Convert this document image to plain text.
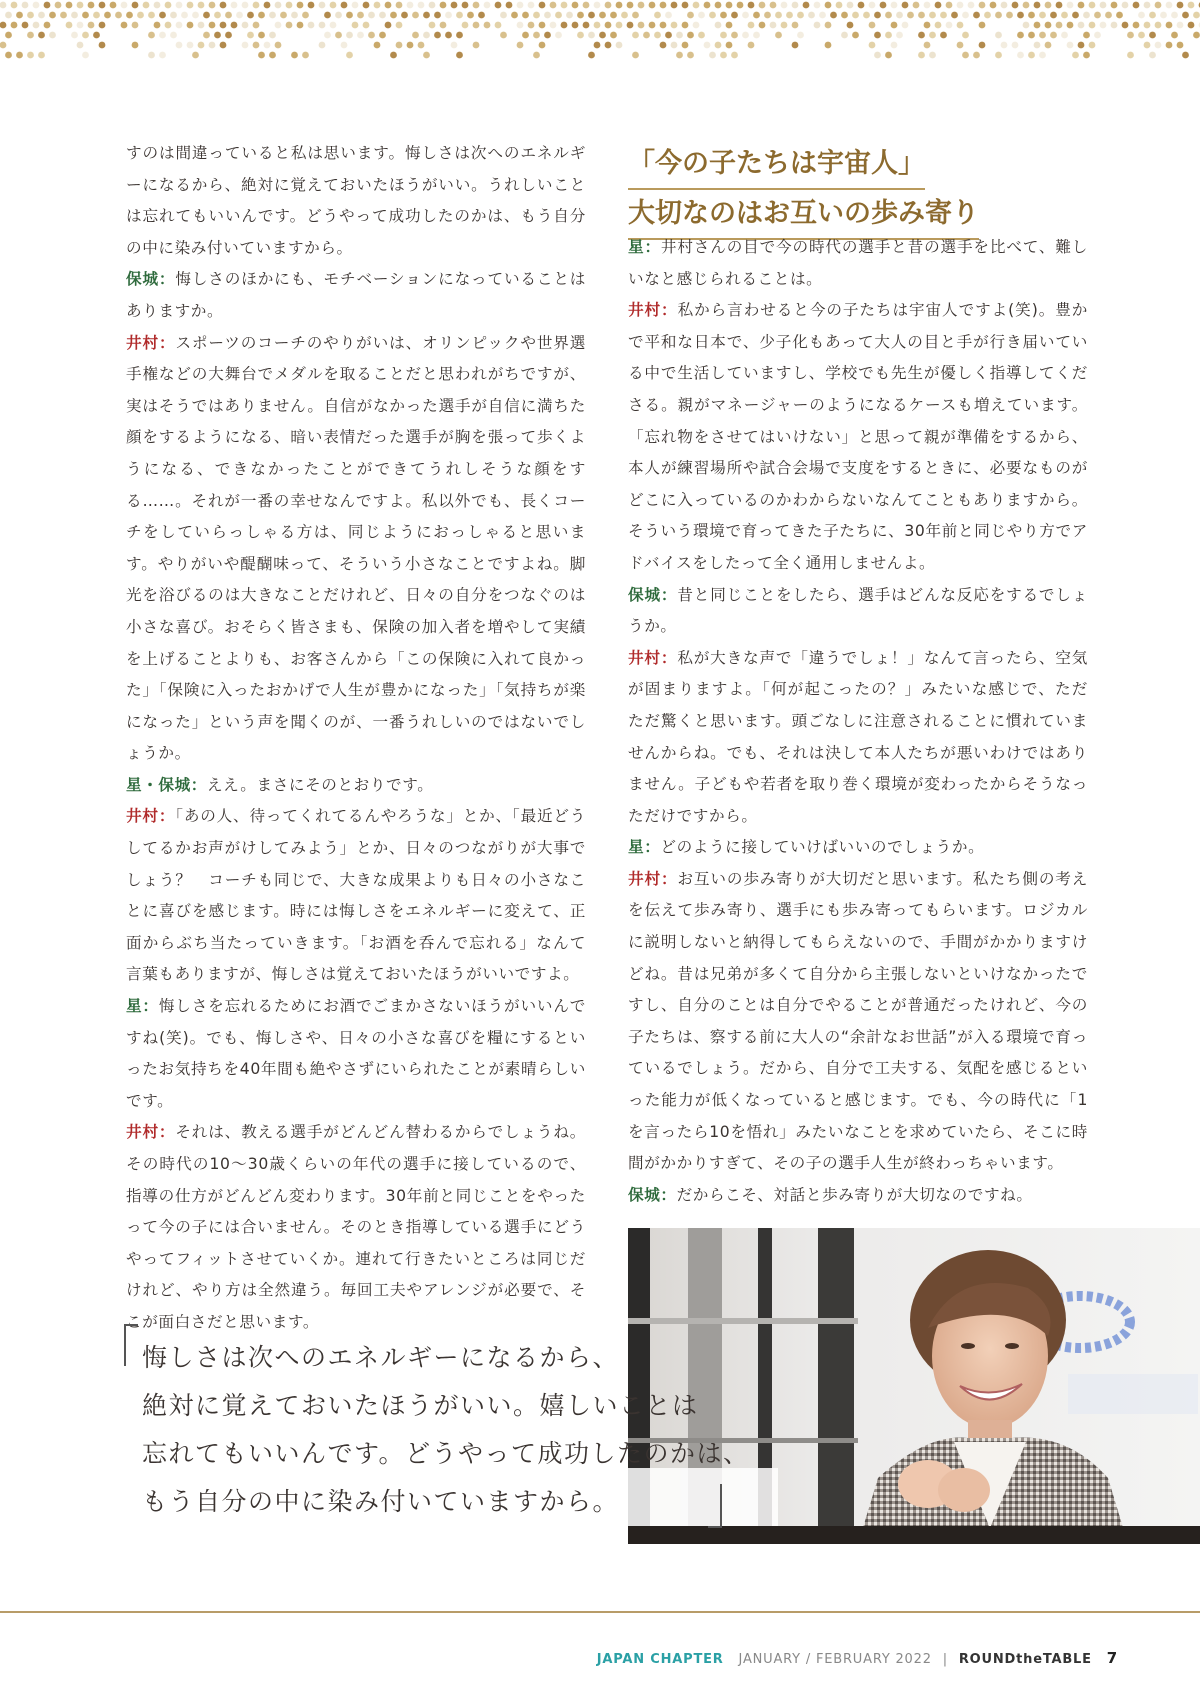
すのは間違っていると私は思います。悔しさは次へのエネルギーになるから、絶対に覚えておいたほうがいい。うれしいことは忘れてもいいんです。どうやって成功したのかは、もう自分の中に染み付いていますから。

保城：悔しさのほかにも、モチベーションになっていることはありますか。

井村：スポーツのコーチのやりがいは、オリンピックや世界選手権などの大舞台でメダルを取ることだと思われがちですが、実はそうではありません。自信がなかった選手が自信に満ちた顔をするようになる、暗い表情だった選手が胸を張って歩くようになる、できなかったことができてうれしそうな顔をする……。それが一番の幸せなんですよ。私以外でも、長くコーチをしていらっしゃる方は、同じようにおっしゃると思います。やりがいや醍醐味って、そういう小さなことですよね。脚光を浴びるのは大きなことだけれど、日々の自分をつなぐのは小さな喜び。おそらく皆さまも、保険の加入者を増やして実績を上げることよりも、お客さんから「この保険に入れて良かった」「保険に入ったおかげで人生が豊かになった」「気持ちが楽になった」という声を聞くのが、一番うれしいのではないでしょうか。

星・保城：ええ。まさにそのとおりです。

井村：「あの人、待ってくれてるんやろうな」とか、「最近どうしてるかお声がけしてみよう」とか、日々のつながりが大事でしょう？　コーチも同じで、大きな成果よりも日々の小さなことに喜びを感じます。時には悔しさをエネルギーに変えて、正面からぶち当たっていきます。「お酒を呑んで忘れる」なんて言葉もありますが、悔しさは覚えておいたほうがいいですよ。

星：悔しさを忘れるためにお酒でごまかさないほうがいいんですね(笑)。でも、悔しさや、日々の小さな喜びを糧にするといったお気持ちを40年間も絶やさずにいられたことが素晴らしいです。

井村：それは、教える選手がどんどん替わるからでしょうね。その時代の10～30歳くらいの年代の選手に接しているので、指導の仕方がどんどん変わります。30年前と同じことをやったって今の子には合いません。そのとき指導している選手にどうやってフィットさせていくか。連れて行きたいところは同じだけれど、やり方は全然違う。毎回工夫やアレンジが必要で、そこが面白さだと思います。

「今の子たちは宇宙人」
大切なのはお互いの歩み寄り

星：井村さんの目で今の時代の選手と昔の選手を比べて、難しいなと感じられることは。

井村：私から言わせると今の子たちは宇宙人ですよ(笑)。豊かで平和な日本で、少子化もあって大人の目と手が行き届いている中で生活していますし、学校でも先生が優しく指導してくださる。親がマネージャーのようになるケースも増えています。「忘れ物をさせてはいけない」と思って親が準備をするから、本人が練習場所や試合会場で支度をするときに、必要なものがどこに入っているのかわからないなんてこともありますから。そういう環境で育ってきた子たちに、30年前と同じやり方でアドバイスをしたって全く通用しませんよ。

保城：昔と同じことをしたら、選手はどんな反応をするでしょうか。

井村：私が大きな声で「違うでしょ！」なんて言ったら、空気が固まりますよ。「何が起こったの？」みたいな感じで、ただただ驚くと思います。頭ごなしに注意されることに慣れていませんからね。でも、それは決して本人たちが悪いわけではありません。子どもや若者を取り巻く環境が変わったからそうなっただけですから。

星：どのように接していけばいいのでしょうか。

井村：お互いの歩み寄りが大切だと思います。私たち側の考えを伝えて歩み寄り、選手にも歩み寄ってもらいます。ロジカルに説明しないと納得してもらえないので、手間がかかりますけどね。昔は兄弟が多くて自分から主張しないといけなかったですし、自分のことは自分でやることが普通だったけれど、今の子たちは、察する前に大人の“余計なお世話”が入る環境で育っているでしょう。だから、自分で工夫する、気配を感じるといった能力が低くなっていると感じます。でも、今の時代に「1を言ったら10を悟れ」みたいなことを求めていたら、そこに時間がかかりすぎて、その子の選手人生が終わっちゃいます。

保城：だからこそ、対話と歩み寄りが大切なのですね。

悔しさは次へのエネルギーになるから、

絶対に覚えておいたほうがいい。嬉しいことは

忘れてもいいんです。どうやって成功したのかは、

もう自分の中に染み付いていますから。

JAPAN CHAPTER JANUARY / FEBRUARY 2022 | ROUNDtheTABLE 7
